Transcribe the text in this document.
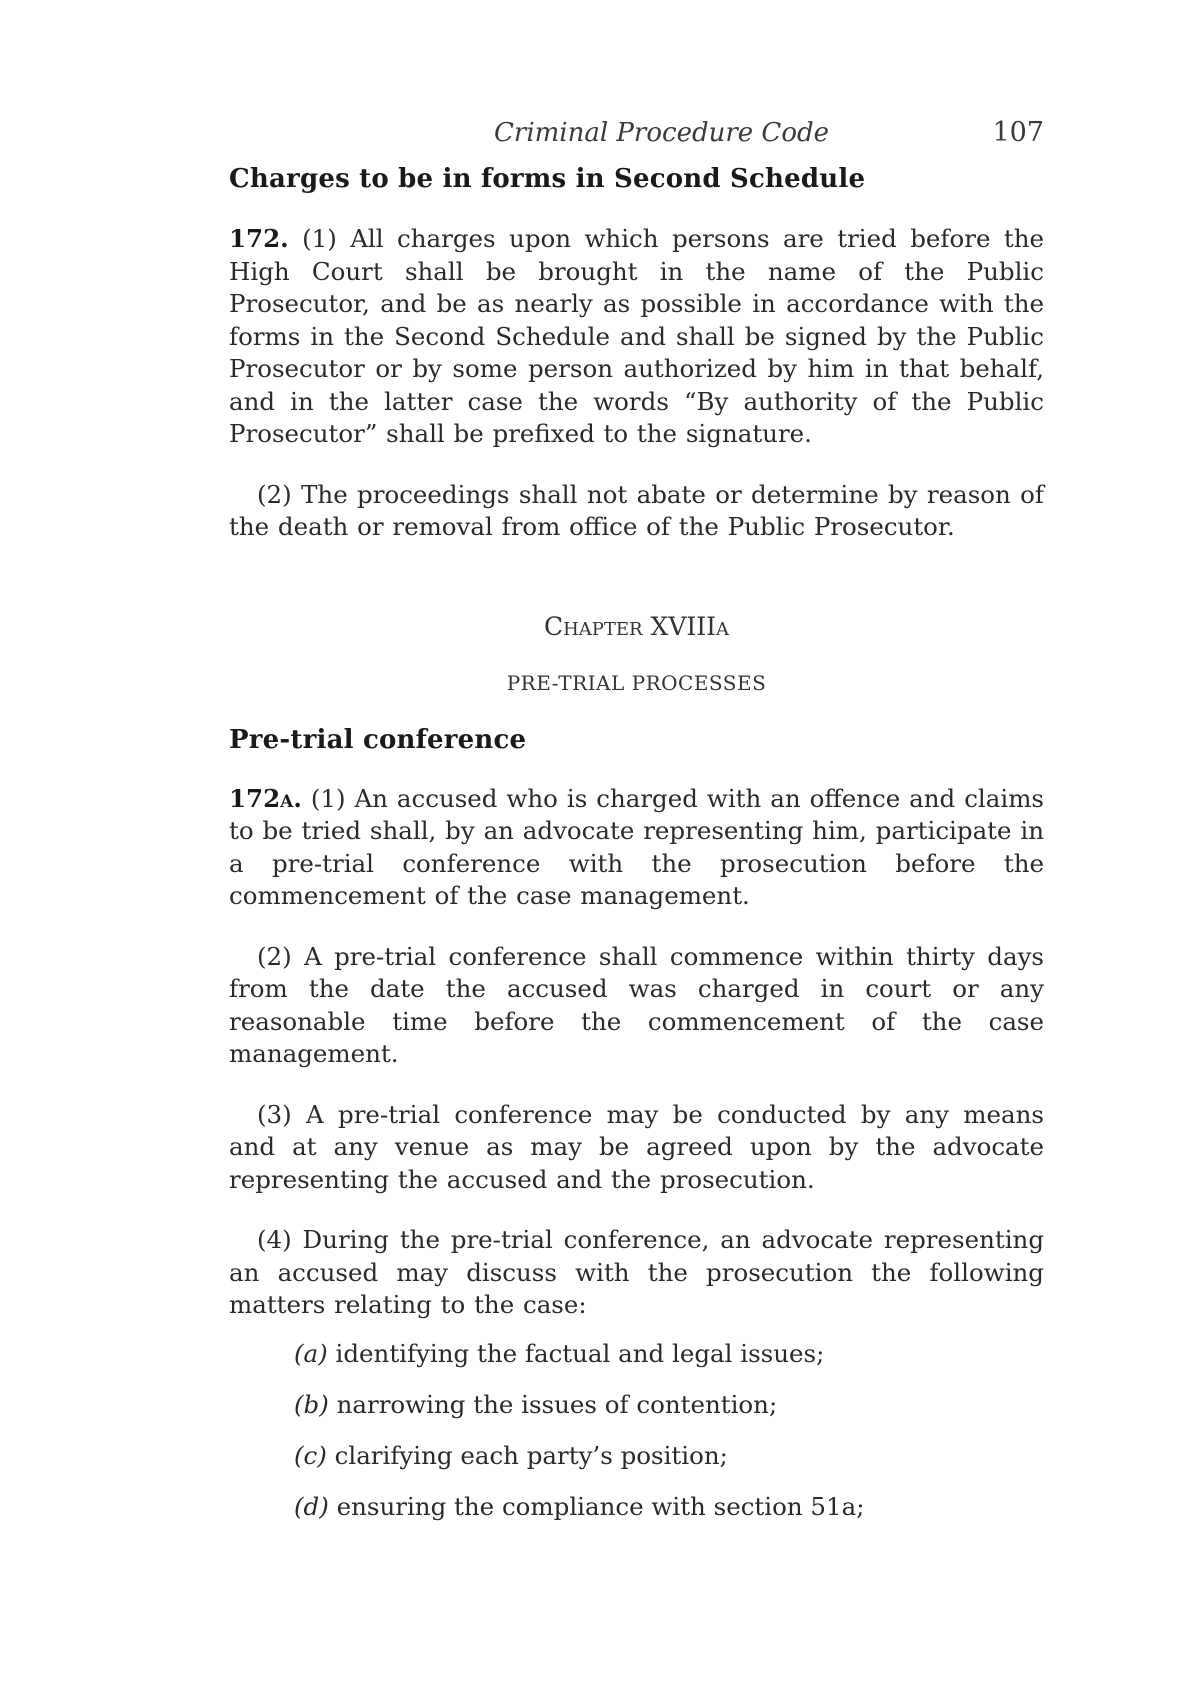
Criminal Procedure Code	107
Charges to be in forms in Second Schedule

172. (1) All charges upon which persons are tried before the High Court shall be brought in the name of the Public Prosecutor, and be as nearly as possible in accordance with the forms in the Second Schedule and shall be signed by the Public Prosecutor or by some person authorized by him in that behalf, and in the latter case the words “By authority of the Public Prosecutor” shall be prefixed to the signature.

(2) The proceedings shall not abate or determine by reason of the death or removal from office of the Public Prosecutor.

Chapter XVIIIa
PRE-TRIAL PROCESSES
Pre-trial conference

172a. (1) An accused who is charged with an offence and claims to be tried shall, by an advocate representing him, participate in a pre-trial conference with the prosecution before the commencement of the case management.

(2) A pre-trial conference shall commence within thirty days from the date the accused was charged in court or any reasonable time before the commencement of the case management.

(3) A pre-trial conference may be conducted by any means and at any venue as may be agreed upon by the advocate representing the accused and the prosecution.

(4) During the pre-trial conference, an advocate representing an accused may discuss with the prosecution the following matters relating to the case:

(a) identifying the factual and legal issues;
(b) narrowing the issues of contention;
(c) clarifying each party’s position;
(d) ensuring the compliance with section 51a;
